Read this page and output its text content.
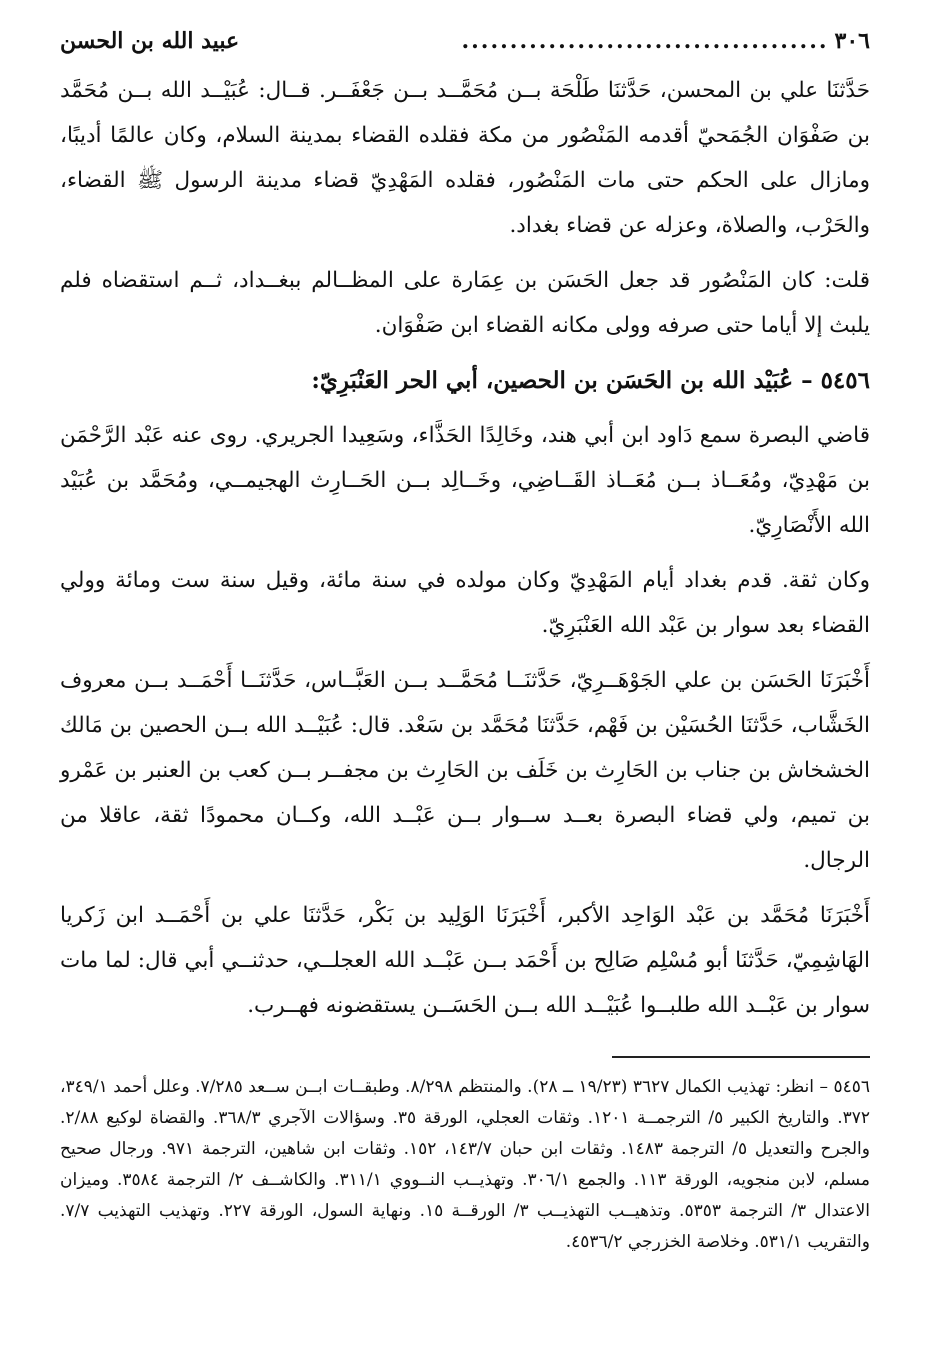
٣٠٦
......................................
عبيد الله بن الحسن

حَدَّثنَا علي بن المحسن، حَدَّثنَا طَلْحَة بــن مُحَمَّــد بــن جَعْفَــر. قــال: عُبَيْــد الله بــن مُحَمَّد بن صَفْوَان الجُمَحيّ أقدمه المَنْصُور من مكة فقلده القضاء بمدينة السلام، وكان عالمًا أديبًا، ومازال على الحكم حتى مات المَنْصُور، فقلده المَهْدِيّ قضاء مدينة الرسول ﷺ القضاء، والحَرْب، والصلاة، وعزله عن قضاء بغداد.

قلت: كان المَنْصُور قد جعل الحَسَن بن عِمَارة على المظــالم ببغــداد، ثــم استقضاه فلم يلبث إلا أياما حتى صرفه وولى مكانه القضاء ابن صَفْوَان.

٥٤٥٦ – عُبَيْد الله بن الحَسَن بن الحصين، أبي الحر العَنْبَرِيّ:

قاضي البصرة سمع دَاود ابن أبي هند، وخَالِدًا الحَذَّاء، وسَعِيدا الجريري. روى عنه عَبْد الرَّحْمَن بن مَهْدِيّ، ومُعَــاذ بــن مُعَــاذ القَــاضِي، وخَــالِد بــن الحَــارِث الهجيمــي، ومُحَمَّد بن عُبَيْد الله الأَنْصَارِيّ.

وكان ثقة. قدم بغداد أيام المَهْدِيّ وكان مولده في سنة مائة، وقيل سنة ست ومائة وولي القضاء بعد سوار بن عَبْد الله العَنْبَرِيّ.

أَخْبَرَنَا الحَسَن بن علي الجَوْهَــرِيّ، حَدَّثنَــا مُحَمَّــد بــن العَبَّــاس، حَدَّثنَــا أَحْمَــد بــن معروف الخَشَّاب، حَدَّثنَا الحُسَيْن بن فَهْم، حَدَّثنَا مُحَمَّد بن سَعْد. قال: عُبَيْــد الله بــن الحصين بن مَالك الخشخاش بن جناب بن الحَارِث بن خَلَف بن الحَارِث بن مجفــر بــن كعب بن العنبر بن عَمْرو بن تميم، ولي قضاء البصرة بعــد ســوار بــن عَبْــد الله، وكــان محمودًا ثقة، عاقلا من الرجال.

أَخْبَرَنَا مُحَمَّد بن عَبْد الوَاحِد الأكبر، أَخْبَرَنَا الوَلِيد بن بَكْر، حَدَّثنَا علي بن أَحْمَــد ابن زَكريا الهَاشِمِيّ، حَدَّثنَا أبو مُسْلِم صَالِح بن أَحْمَد بــن عَبْــد الله العجلــي، حدثنــي أبي قال: لما مات سوار بن عَبْــد الله طلبــوا عُبَيْــد الله بــن الحَسَــن يستقضونه فهــرب.

٥٤٥٦ – انظر: تهذيب الكمال ٣٦٢٧ (١٩/٢٣ ــ ٢٨). والمنتظم ٨/٢٩٨. وطبقــات ابــن ســعد ٧/٢٨٥. وعلل أحمد ٣٤٩/١، ٣٧٢. والتاريخ الكبير ٥/ الترجمــة ١٢٠١. وثقات العجلي، الورقة ٣٥. وسؤالات الآجري ٣٦٨/٣. والقضاة لوكيع ٢/٨٨. والجرح والتعديل ٥/ الترجمة ١٤٨٣. وثقات ابن حبان ١٤٣/٧، ١٥٢. وثقات ابن شاهين، الترجمة ٩٧١. ورجال صحيح مسلم، لابن منجويه، الورقة ١١٣. والجمع ٣٠٦/١. وتهذيــب النــووي ٣١١/١. والكاشــف ٢/ الترجمة ٣٥٨٤. وميزان الاعتدال ٣/ الترجمة ٥٣٥٣. وتذهيــب التهذيــب ٣/ الورقــة ١٥. ونهاية السول، الورقة ٢٢٧. وتهذيب التهذيب ٧/٧. والتقريب ٥٣١/١. وخلاصة الخزرجي ٤٥٣٦/٢.
